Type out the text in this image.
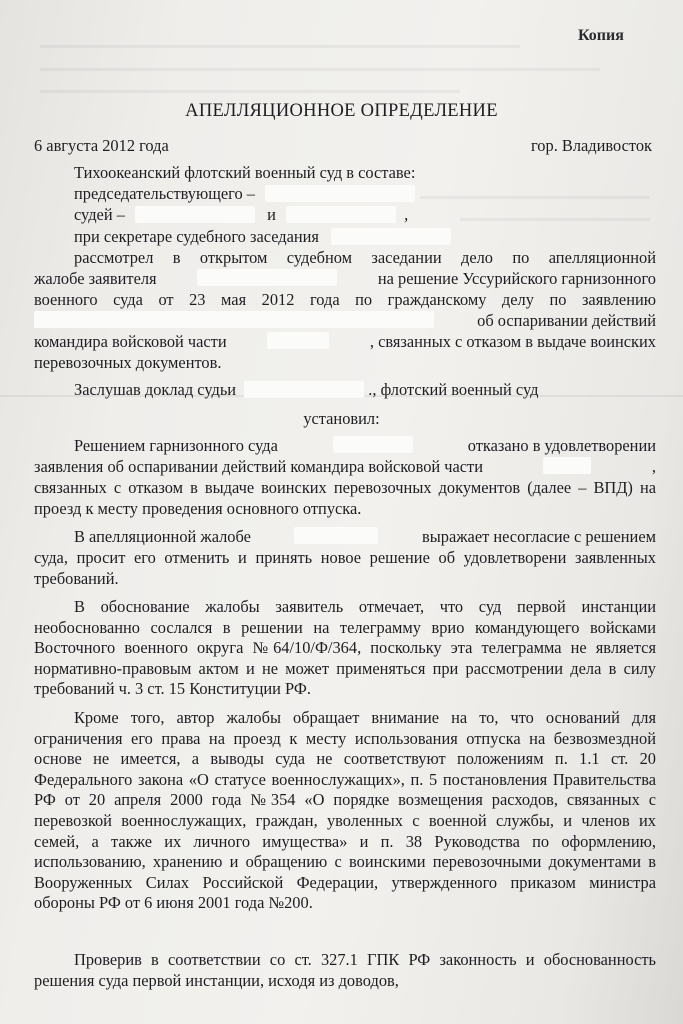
Копия
АПЕЛЛЯЦИОННОЕ ОПРЕДЕЛЕНИЕ
6 августа 2012 года	гор. Владивосток
Тихоокеанский флотский военный суд в составе:
председательствующего –
судей –	и	,
при секретаре судебного заседания
рассмотрел в открытом судебном заседании дело по апелляционной
жалобе заявителя	на решение Уссурийского гарнизонного
военного суда от 23 мая 2012 года по гражданскому делу по заявлению
об оспаривании действий
командира войсковой части	, связанных с отказом в выдаче воинских
перевозочных документов.
Заслушав доклад судьи	., флотский военный суд
установил:
Решением гарнизонного суда	отказано в удовлетворении
заявления об оспаривании действий командира войсковой части	,

связанных с отказом в выдаче воинских перевозочных документов (далее – ВПД) на проезд к месту проведения основного отпуска.

В апелляционной жалобе	выражает несогласие с решением

суда, просит его отменить и принять новое решение об удовлетворени заявленных требований.

В обоснование жалобы заявитель отмечает, что суд первой инстанции необоснованно сослался в решении на телеграмму врио командующего войсками Восточного военного округа №64/10/Ф/364, поскольку эта телеграмма не является нормативно-правовым актом и не может применяться при рассмотрении дела в силу требований ч. 3 ст. 15 Конституции РФ.

Кроме того, автор жалобы обращает внимание на то, что оснований для ограничения его права на проезд к месту использования отпуска на безвозмездной основе не имеется, а выводы суда не соответствуют положениям п. 1.1 ст. 20 Федерального закона «О статусе военнослужащих», п. 5 постановления Правительства РФ от 20 апреля 2000 года №354 «О порядке возмещения расходов, связанных с перевозкой военнослужащих, граждан, уволенных с военной службы, и членов их семей, а также их личного имущества» и п. 38 Руководства по оформлению, использованию, хранению и обращению с воинскими перевозочными документами в Вооруженных Силах Российской Федерации, утвержденного приказом министра обороны РФ от 6 июня 2001 года №200.

Проверив в соответствии со ст. 327.1 ГПК РФ законность и обоснованность решения суда первой инстанции, исходя из доводов,
